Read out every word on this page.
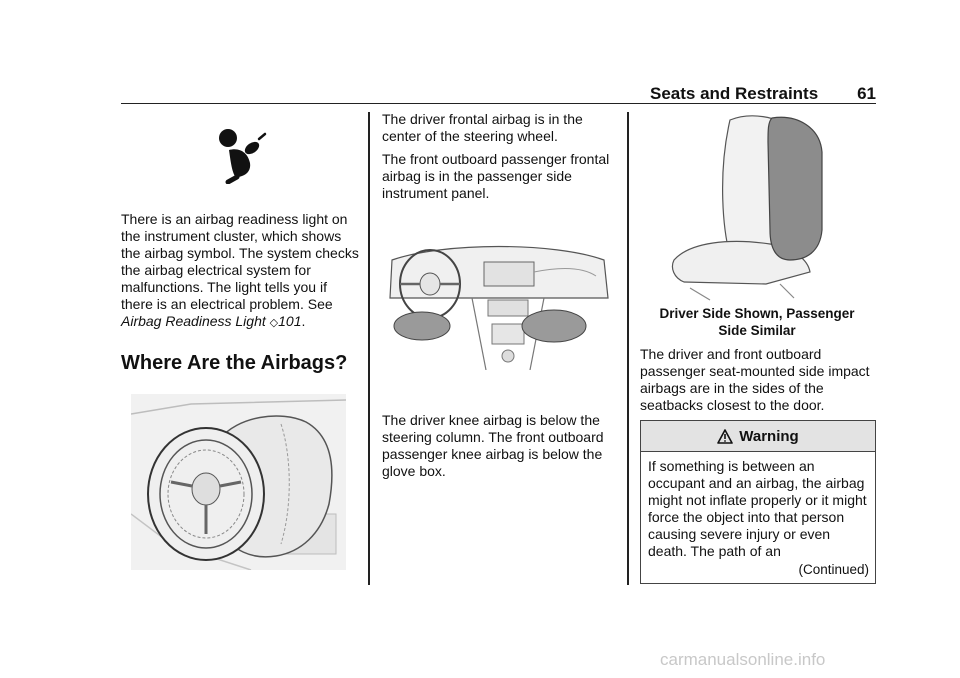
Seats and Restraints 61

There is an airbag readiness light on the instrument cluster, which shows the airbag symbol. The system checks the airbag electrical system for malfunctions. The light tells you if there is an electrical problem. See Airbag Readiness Light ◇101.

Where Are the Airbags?

The driver frontal airbag is in the center of the steering wheel.

The front outboard passenger frontal airbag is in the passenger side instrument panel.

The driver knee airbag is below the steering column. The front outboard passenger knee airbag is below the glove box.

Driver Side Shown, Passenger
Side Similar

The driver and front outboard passenger seat-mounted side impact airbags are in the sides of the seatbacks closest to the door.

Warning
If something is between an occupant and an airbag, the airbag might not inflate properly or it might force the object into that person causing severe injury or even death. The path of an
(Continued)
carmanualsonline.info
